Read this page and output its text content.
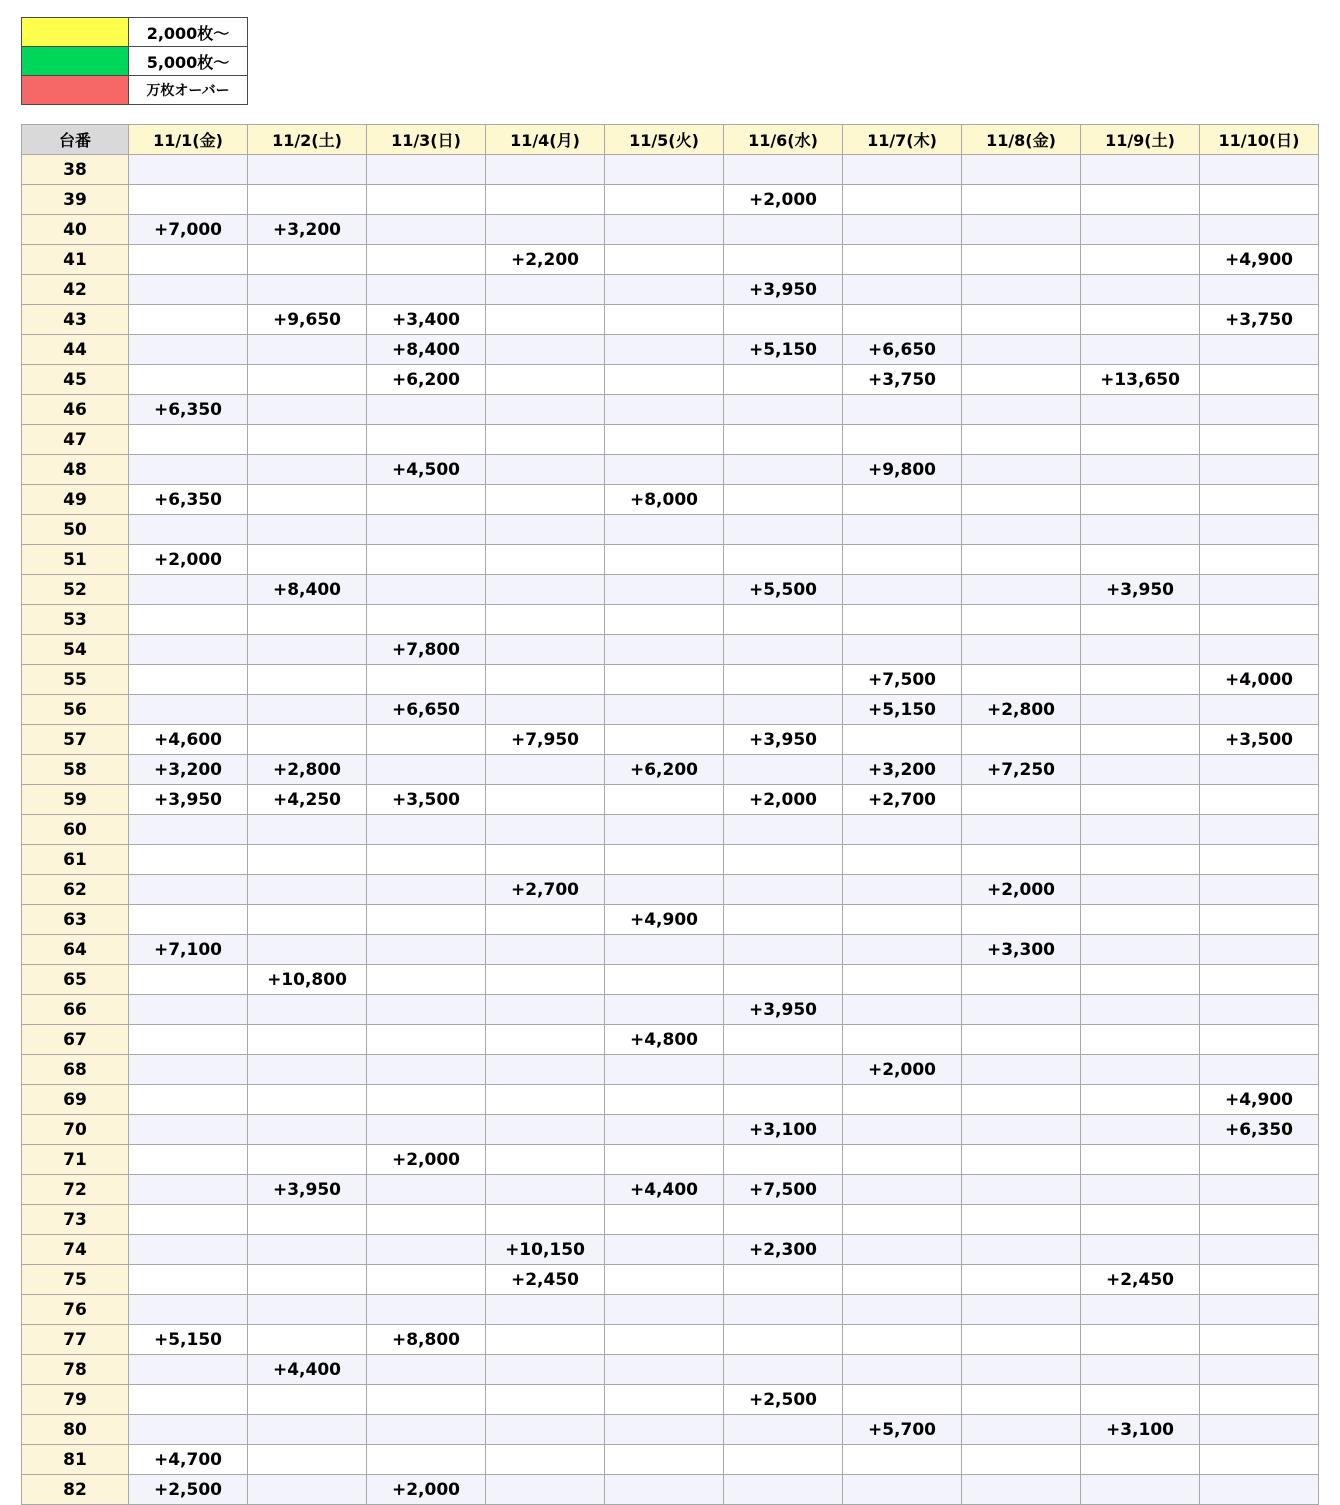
	2,000枚〜
	5,000枚〜
	万枚オーバー
台番	11/1(金)	11/2(土)	11/3(日)	11/4(月)	11/5(火)	11/6(水)	11/7(木)	11/8(金)	11/9(土)	11/10(日)
38										
39						+2,000				
40	+7,000	+3,200								
41				+2,200						+4,900
42						+3,950				
43		+9,650	+3,400							+3,750
44			+8,400			+5,150	+6,650			
45			+6,200				+3,750		+13,650	
46	+6,350									
47										
48			+4,500				+9,800			
49	+6,350				+8,000					
50										
51	+2,000									
52		+8,400				+5,500			+3,950	
53										
54			+7,800							
55							+7,500			+4,000
56			+6,650				+5,150	+2,800		
57	+4,600			+7,950		+3,950				+3,500
58	+3,200	+2,800			+6,200		+3,200	+7,250		
59	+3,950	+4,250	+3,500			+2,000	+2,700			
60										
61										
62				+2,700				+2,000		
63					+4,900					
64	+7,100							+3,300		
65		+10,800								
66						+3,950				
67					+4,800					
68							+2,000			
69										+4,900
70						+3,100				+6,350
71			+2,000							
72		+3,950			+4,400	+7,500				
73										
74				+10,150		+2,300				
75				+2,450					+2,450	
76										
77	+5,150		+8,800							
78		+4,400								
79						+2,500				
80							+5,700		+3,100	
81	+4,700									
82	+2,500		+2,000							
